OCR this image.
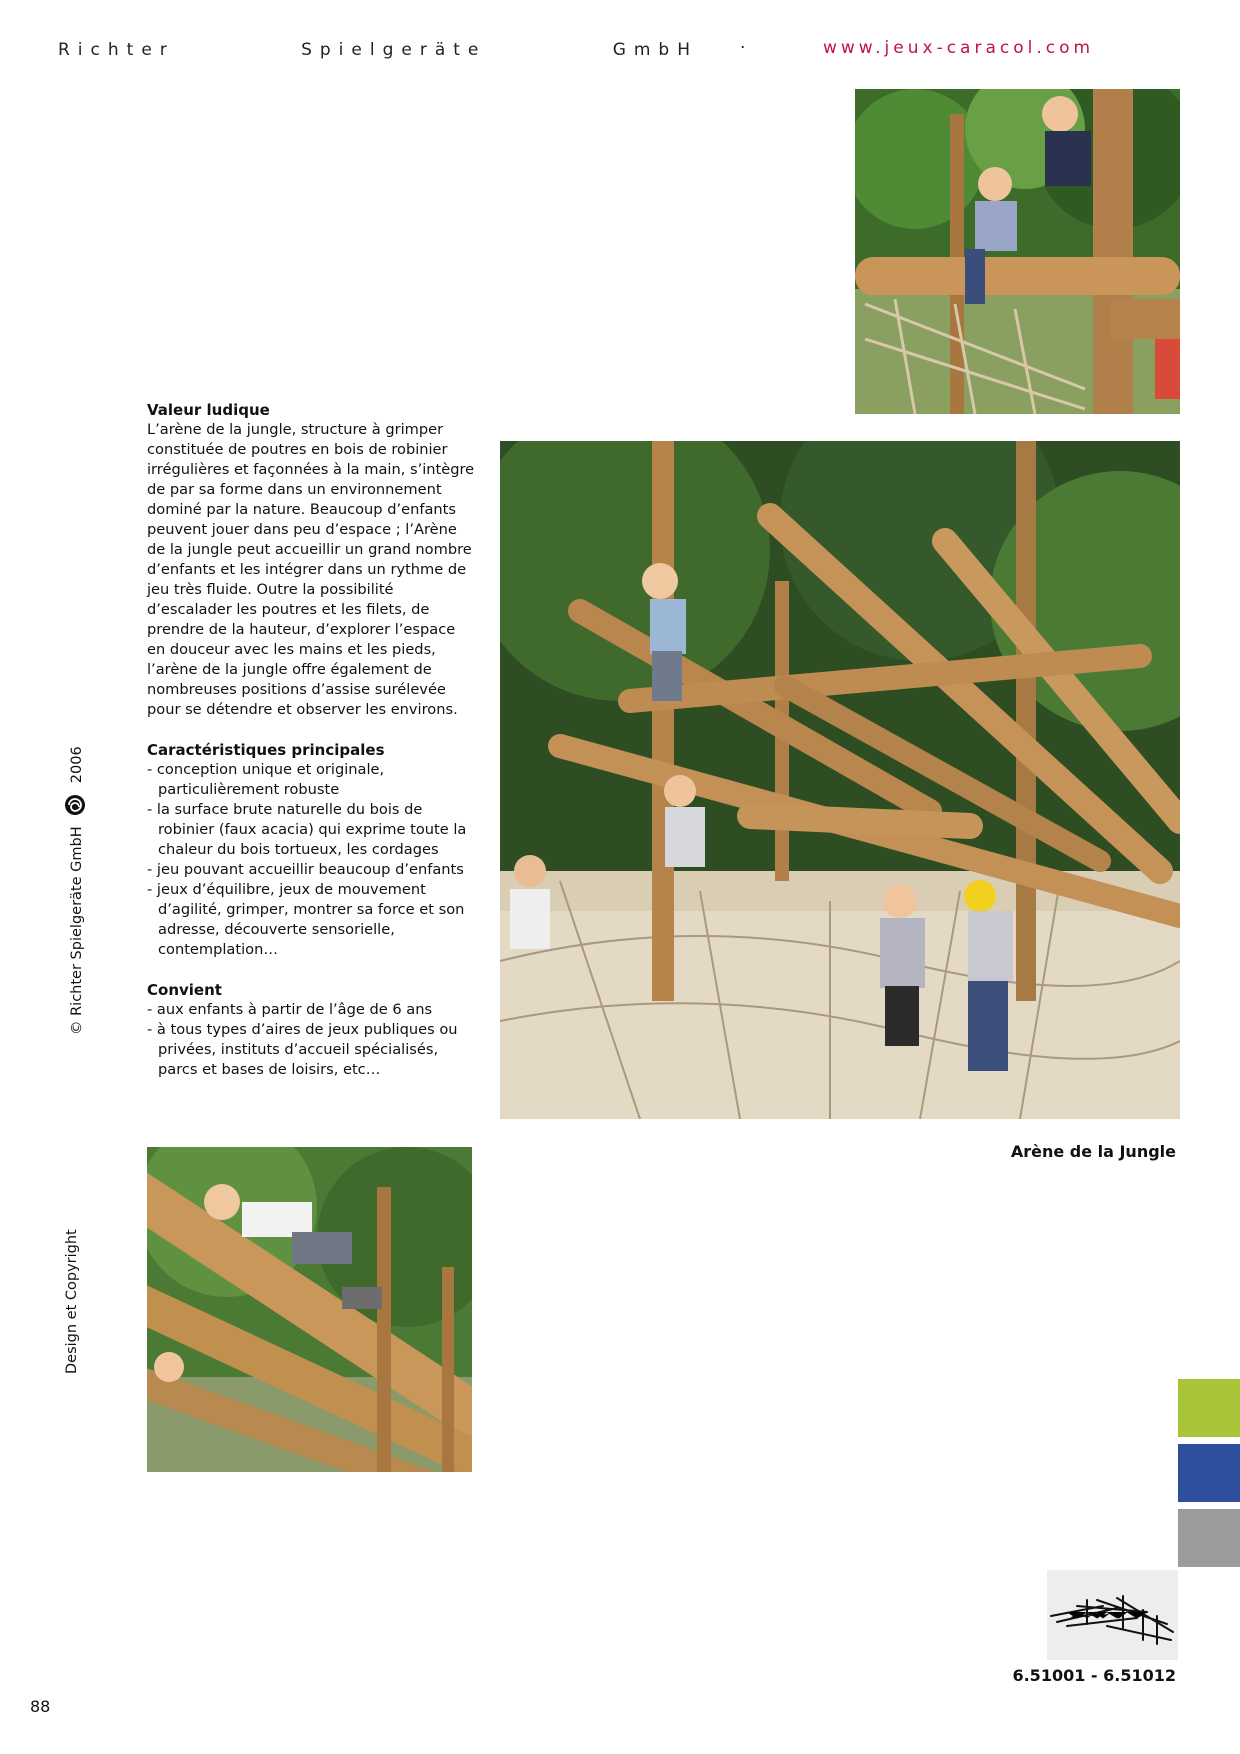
Richter	Spielgeräte	GmbH ·	www.jeux-caracol.com
Valeur ludique

L’arène de la jungle, structure à grimper constituée de poutres en bois de robinier irrégulières et façonnées à la main, s’intègre de par sa forme dans un environnement dominé par la nature. Beaucoup d’enfants peuvent jouer dans peu d’espace ; l’Arène de la jungle peut accueillir un grand nombre d’enfants et les intégrer dans un rythme de jeu très fluide. Outre la possibilité d’escalader les poutres et les filets, de prendre de la hauteur, d’explorer l’espace en douceur avec les mains et les pieds, l’arène de la jungle offre également de nombreuses positions d’assise surélevée pour se détendre et observer les environs.

Caractéristiques principales
- conception unique et originale, particulièrement robuste
- la surface brute naturelle du bois de robinier (faux acacia) qui exprime toute la chaleur du bois tortueux, les cordages
- jeu pouvant accueillir beaucoup d’enfants
- jeux d’équilibre, jeux de mouvement d’agilité, grimper, montrer sa force et son adresse, découverte sensorielle, contemplation…
Convient
- aux enfants à partir de l’âge de 6 ans
- à tous types d’aires de jeux publiques ou privées, instituts d’accueil spécialisés, parcs et bases de loisirs, etc…
Arène de la Jungle
© Richter Spielgeräte GmbH  2006
Design et Copyright
6.51001 - 6.51012
88
